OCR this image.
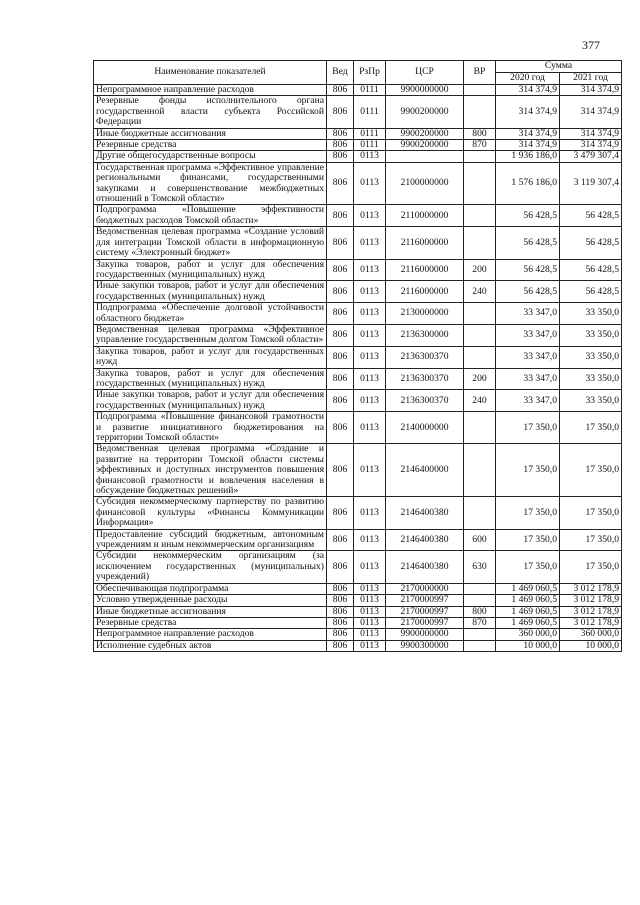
377
Наименование показателей	Вед	РзПр	ЦСР	ВР	Сумма	
					2020 год	2021 год
Непрограммное направление расходов	806	0111	9900000000		314 374,9	314 374,9
Резервные фонды исполнительного органа государственной власти субъекта Российской Федерации	806	0111	9900200000		314 374,9	314 374,9
Иные бюджетные ассигнования	806	0111	9900200000	800	314 374,9	314 374,9
Резервные средства	806	0111	9900200000	870	314 374,9	314 374,9
Другие общегосударственные вопросы	806	0113			1 936 186,0	3 479 307,4
Государственная программа «Эффективное управление региональными финансами, государственными закупками и совершенствование межбюджетных отношений в Томской области»	806	0113	2100000000		1 576 186,0	3 119 307,4
Подпрограмма «Повышение эффективности бюджетных расходов Томской области»	806	0113	2110000000		56 428,5	56 428,5
Ведомственная целевая программа «Создание условий для интеграции Томской области в информационную систему «Электронный бюджет»	806	0113	2116000000		56 428,5	56 428,5
Закупка товаров, работ и услуг для обеспечения государственных (муниципальных) нужд	806	0113	2116000000	200	56 428,5	56 428,5
Иные закупки товаров, работ и услуг для обеспечения государственных (муниципальных) нужд	806	0113	2116000000	240	56 428,5	56 428,5
Подпрограмма «Обеспечение долговой устойчивости областного бюджета»	806	0113	2130000000		33 347,0	33 350,0
Ведомственная целевая программа «Эффективное управление государственным долгом Томской области»	806	0113	2136300000		33 347,0	33 350,0
Закупка товаров, работ и услуг для государственных нужд	806	0113	2136300370		33 347,0	33 350,0
Закупка товаров, работ и услуг для обеспечения государственных (муниципальных) нужд	806	0113	2136300370	200	33 347,0	33 350,0
Иные закупки товаров, работ и услуг для обеспечения государственных (муниципальных) нужд	806	0113	2136300370	240	33 347,0	33 350,0
Подпрограмма «Повышение финансовой грамотности и развитие инициативного бюджетирования на территории Томской области»	806	0113	2140000000		17 350,0	17 350,0
Ведомственная целевая программа «Создание и развитие на территории Томской области системы эффективных и доступных инструментов повышения финансовой грамотности и вовлечения населения в обсуждение бюджетных решений»	806	0113	2146400000		17 350,0	17 350,0
Субсидия некоммерческому партнерству по развитию финансовой культуры «Финансы Коммуникации Информация»	806	0113	2146400380		17 350,0	17 350,0
Предоставление субсидий бюджетным, автономным учреждениям и иным некоммерческим организациям	806	0113	2146400380	600	17 350,0	17 350,0
Субсидии некоммерческим организациям (за исключением государственных (муниципальных) учреждений)	806	0113	2146400380	630	17 350,0	17 350,0
Обеспечивающая подпрограмма	806	0113	2170000000		1 469 060,5	3 012 178,9
Условно утвержденные расходы	806	0113	2170000997		1 469 060,5	3 012 178,9
Иные бюджетные ассигнования	806	0113	2170000997	800	1 469 060,5	3 012 178,9
Резервные средства	806	0113	2170000997	870	1 469 060,5	3 012 178,9
Непрограммное направление расходов	806	0113	9900000000		360 000,0	360 000,0
Исполнение судебных актов	806	0113	9900300000		10 000,0	10 000,0
